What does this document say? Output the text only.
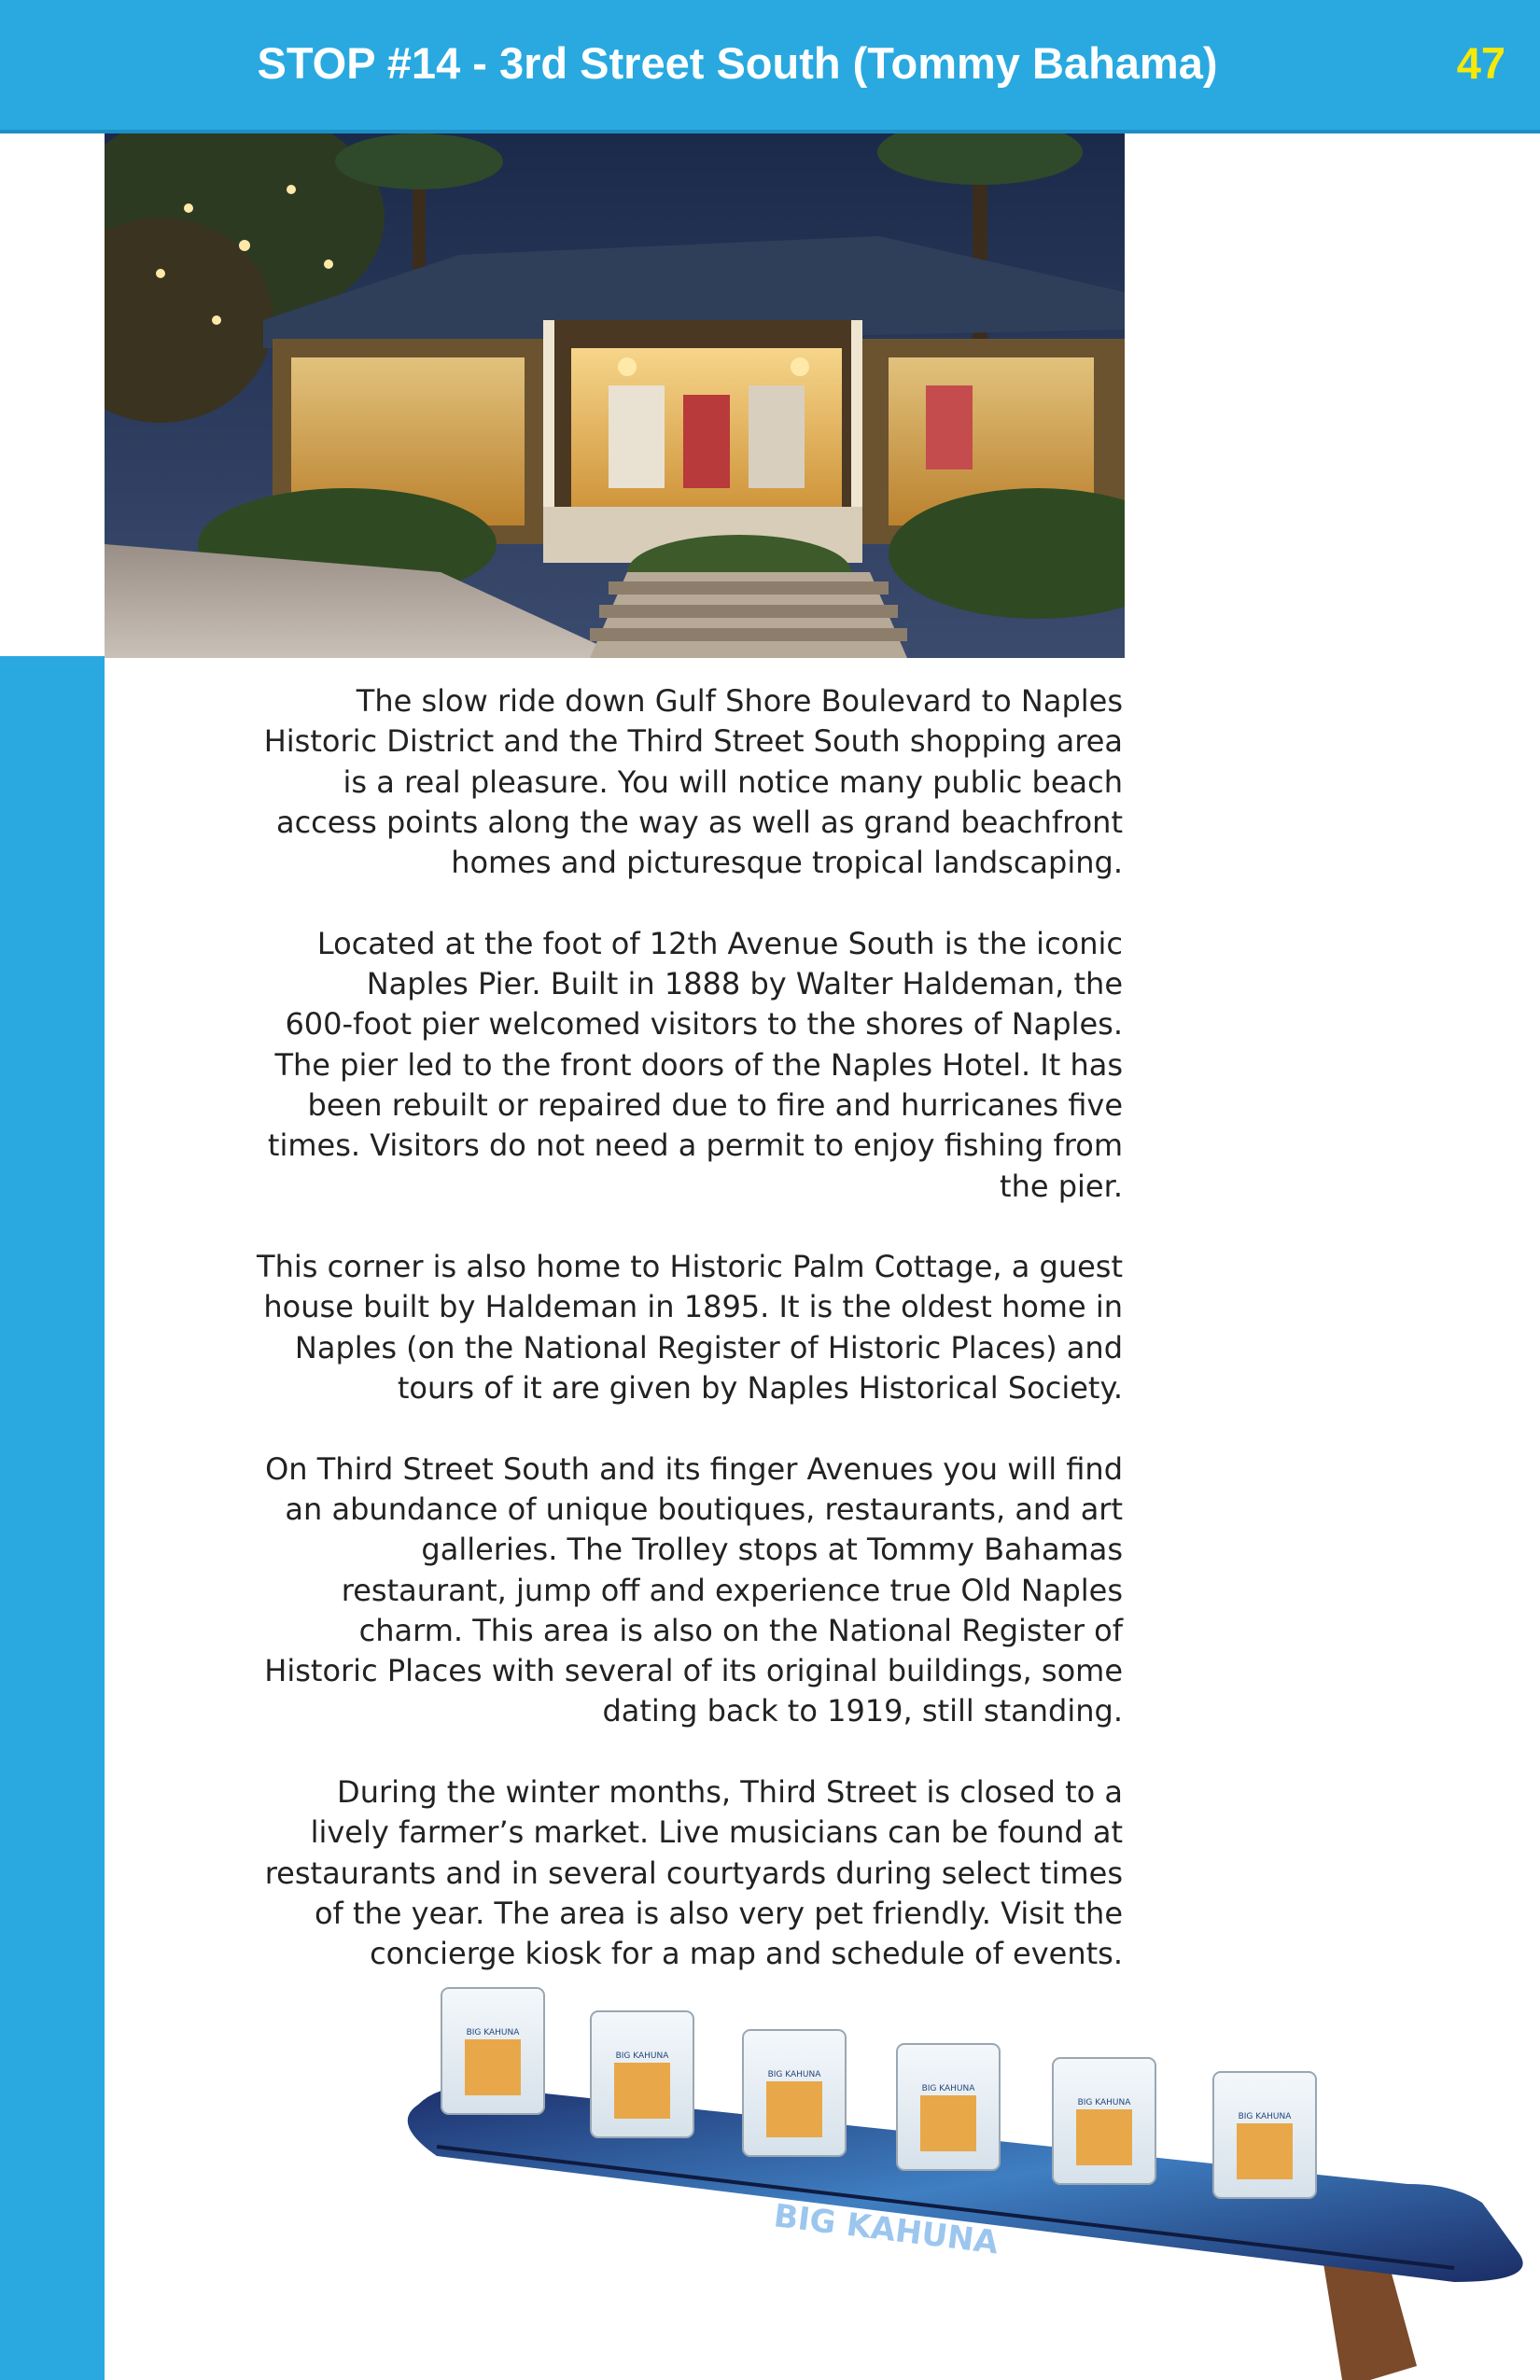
STOP #14 - 3rd Street South (Tommy Bahama)	47

The slow ride down Gulf Shore Boulevard to Naples
Historic District and the Third Street South shopping area
is a real pleasure. You will notice many public beach
access points along the way as well as grand beachfront
homes and picturesque tropical landscaping.

Located at the foot of 12th Avenue South is the iconic
Naples Pier. Built in 1888 by Walter Haldeman, the
600-foot pier welcomed visitors to the shores of Naples.
The pier led to the front doors of the Naples Hotel. It has
been rebuilt or repaired due to fire and hurricanes five
times. Visitors do not need a permit to enjoy fishing from
the pier.

This corner is also home to Historic Palm Cottage, a guest
house built by Haldeman in 1895. It is the oldest home in
Naples (on the National Register of Historic Places) and
tours of it are given by Naples Historical Society.

On Third Street South and its finger Avenues you will find
an abundance of unique boutiques, restaurants, and art
galleries. The Trolley stops at Tommy Bahamas
restaurant, jump off and experience true Old Naples
charm. This area is also on the National Register of
Historic Places with several of its original buildings, some
dating back to 1919, still standing.

During the winter months, Third Street is closed to a
lively farmer’s market. Live musicians can be found at
restaurants and in several courtyards during select times
of the year. The area is also very pet friendly. Visit the
concierge kiosk for a map and schedule of events.

BIG KAHUNA
BIG KAHUNA
BIG KAHUNA
BIG KAHUNA
BIG KAHUNA
BIG KAHUNA
BIG KAHUNA
